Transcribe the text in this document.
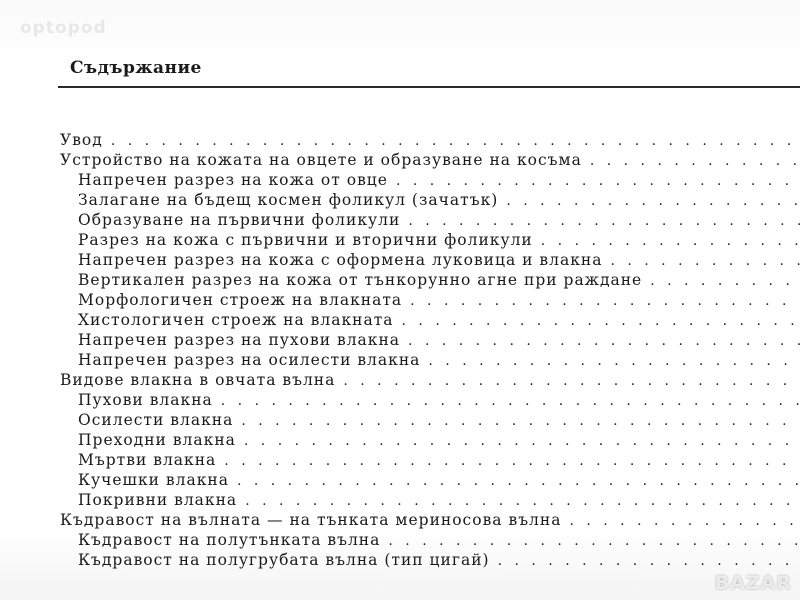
optopod
Съдържание
Увод
. . .
Устройство на кожата на овцете и образуване на косъма
. . .
Напречен разрез на кожа от овце
. . .
Залагане на бъдещ космен фоликул (зачатък)
. . .
Образуване на първични фоликули
. . .
Разрез на кожа с първични и вторични фоликули
. . .
Напречен разрез на кожа с оформена луковица и влакна
. . .
Вертикален разрез на кожа от тънкорунно агне при раждане
. . .
Морфологичен строеж на влакната
. . .
Хистологичен строеж на влакната
. . .
Напречен разрез на пухови влакна
. . .
Напречен разрез на осилести влакна
. . .
Видове влакна в овчата вълна
. . .
Пухови влакна
. . .
Осилести влакна
. . .
Преходни влакна
. . .
Мъртви влакна
. . .
Кучешки влакна
. . .
Покривни влакна
. . .
Къдравост на вълната — на тънката мериносова вълна
. . .
Къдравост на полутънката вълна
. . .
Къдравост на полугрубата вълна (тип цигай)
. . .
BAZAR
